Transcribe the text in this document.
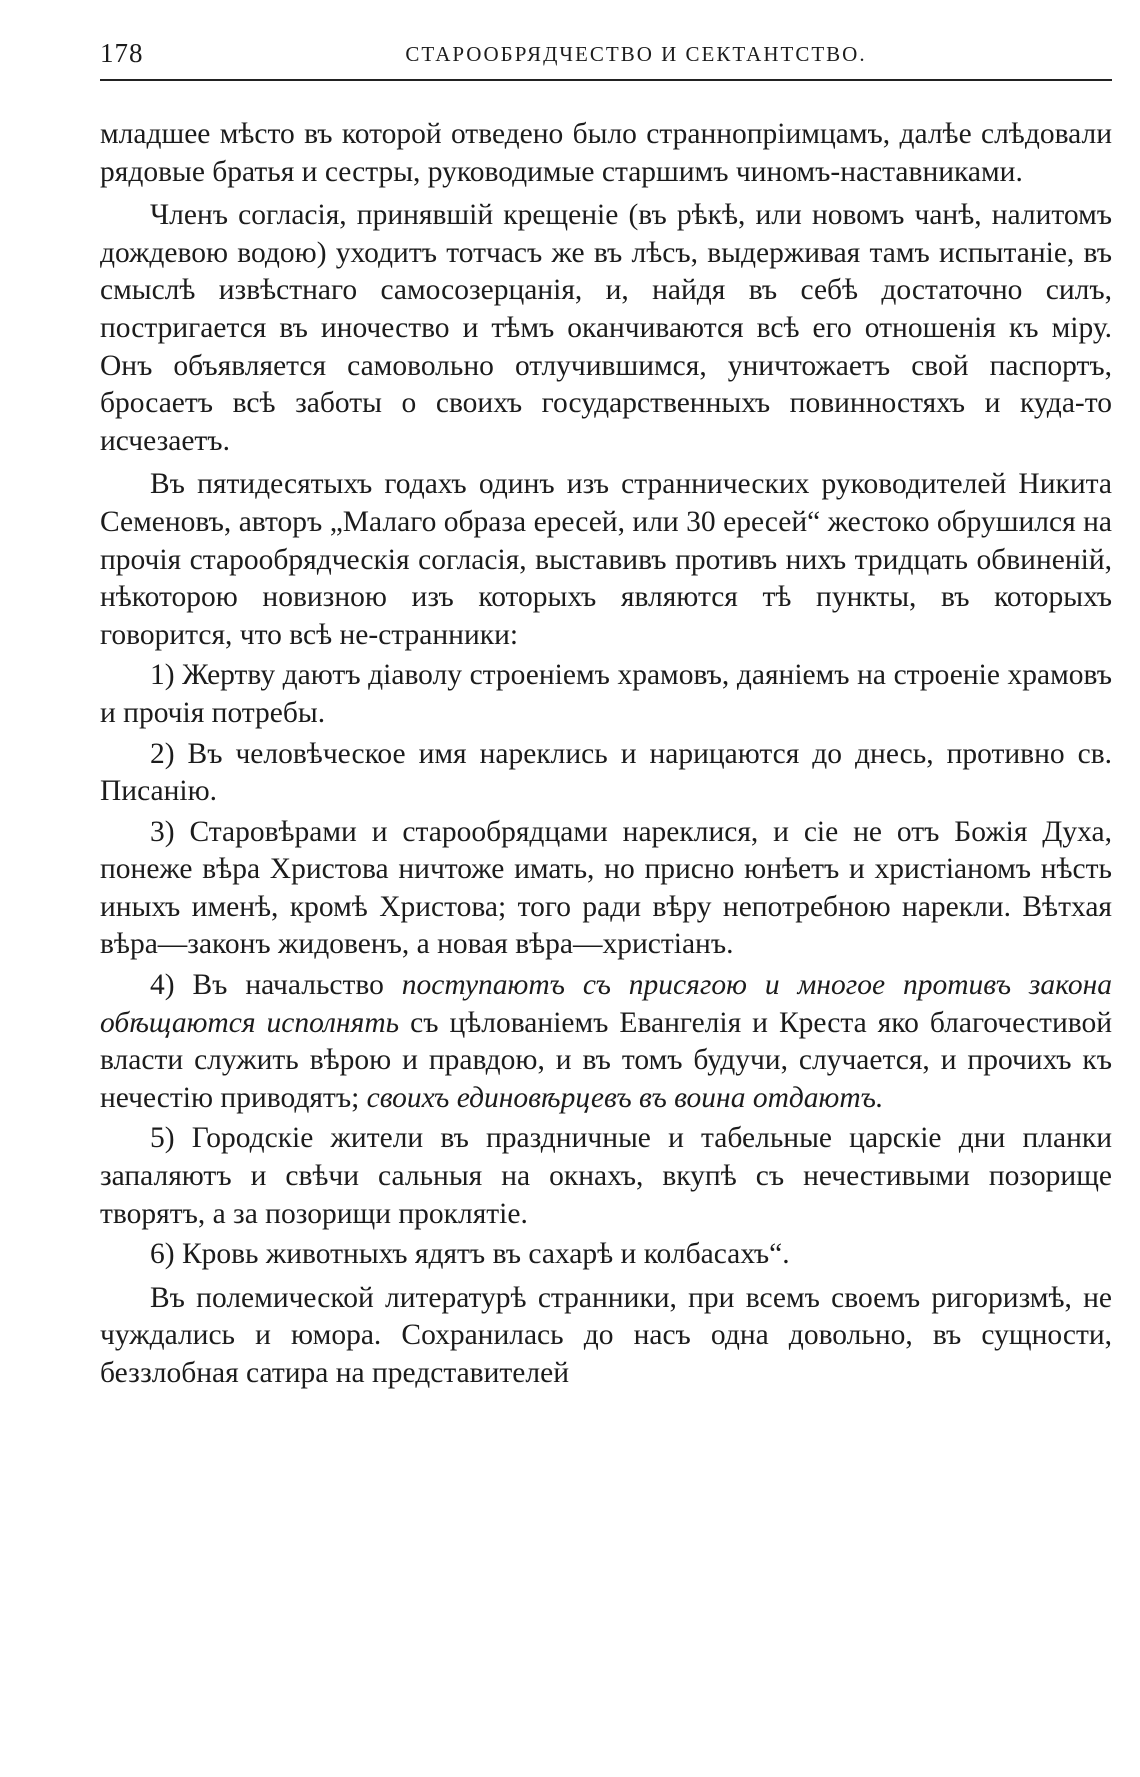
178	СТАРООБРЯДЧЕСТВО И СЕКТАНТСТВО.

младшее мѣсто въ которой отведено было страннопріимцамъ, далѣе слѣдовали рядовые братья и сестры, руководимые старшимъ чиномъ-наставниками.

Членъ согласія, принявшій крещеніе (въ рѣкѣ, или новомъ чанѣ, налитомъ дождевою водою) уходитъ тотчасъ же въ лѣсъ, выдерживая тамъ испытаніе, въ смыслѣ извѣстнаго самосозерцанія, и, найдя въ себѣ достаточно силъ, постригается въ иночество и тѣмъ оканчиваются всѣ его отношенія къ міру. Онъ объявляется самовольно отлучившимся, уничтожаетъ свой паспортъ, бросаетъ всѣ заботы о своихъ государственныхъ повинностяхъ и куда-то исчезаетъ.

Въ пятидесятыхъ годахъ одинъ изъ страннических руководителей Никита Семеновъ, авторъ „Малаго образа ересей, или 30 ересей“ жестоко обрушился на прочія старообрядческія согласія, выставивъ противъ нихъ тридцать обвиненій, нѣкоторою новизною изъ которыхъ являются тѣ пункты, въ которыхъ говорится, что всѣ не-странники:

1) Жертву даютъ діаволу строеніемъ храмовъ, даяніемъ на строеніе храмовъ и прочія потребы.

2) Въ человѣческое имя нареклись и нарицаются до днесь, противно св. Писанію.

3) Старовѣрами и старообрядцами нареклися, и сіе не отъ Божія Духа, понеже вѣра Христова ничтоже имать, но присно юнѣетъ и христіаномъ нѣсть иныхъ именѣ, кромѣ Христова; того ради вѣру непотребною нарекли. Вѣтхая вѣра—законъ жидовенъ, а новая вѣра—христіанъ.

4) Въ начальство поступаютъ съ присягою и многое противъ закона обѣщаются исполнять съ цѣлованіемъ Евангелія и Креста яко благочестивой власти служить вѣрою и правдою, и въ томъ будучи, случается, и прочихъ къ нечестію приводятъ; своихъ единовѣрцевъ въ воина отдаютъ.

5) Городскіе жители въ праздничные и табельные царскіе дни планки запаляютъ и свѣчи сальныя на окнахъ, вкупѣ съ нечестивыми позорище творятъ, а за позорищи проклятіе.

6) Кровь животныхъ ядятъ въ сахарѣ и колбасахъ“.

Въ полемической литературѣ странники, при всемъ своемъ ригоризмѣ, не чуждались и юмора. Сохранилась до насъ одна довольно, въ сущности, беззлобная сатира на представителей
